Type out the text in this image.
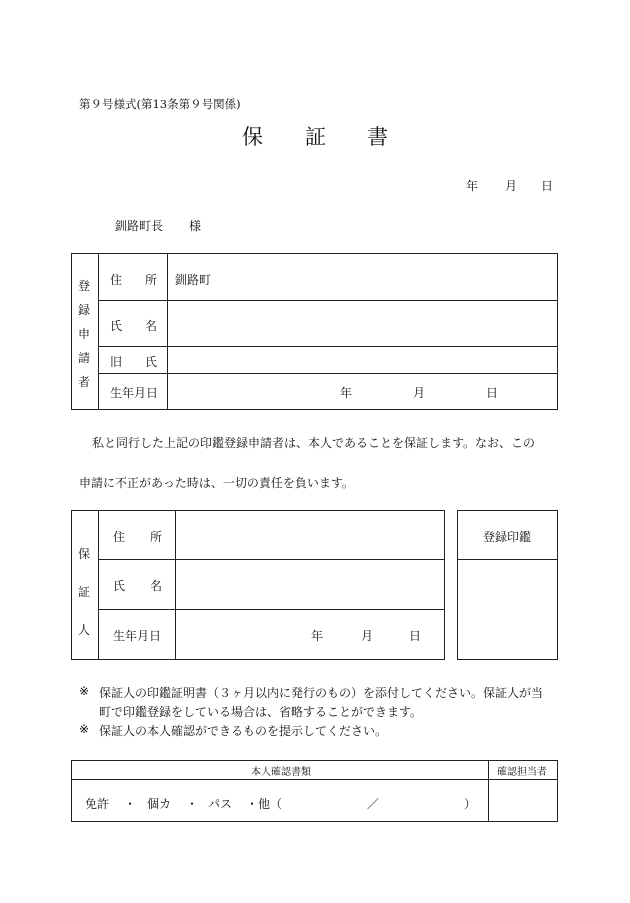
第９号様式(第13条第９号関係)
保 証 書
年 月 日
釧路町長 様
登
録
申
請
者
住 所 釧路町
氏 名
旧 氏
生年月日	年	月	日
私と同行した上記の印鑑登録申請者は、本人であることを保証します。なお、この
申請に不正があった時は、一切の責任を負います。
保
証
人
住 所
氏 名
生年月日	年	月	日
登録印鑑
※ 保証人の印鑑証明書（３ヶ月以内に発行のもの）を添付してください。保証人が当
町で印鑑登録をしている場合は、省略することができます。
※ 保証人の本人確認ができるものを提示してください。
本人確認書類	確認担当者
免許 ・ 個カ ・ パス ・他（	／	）
